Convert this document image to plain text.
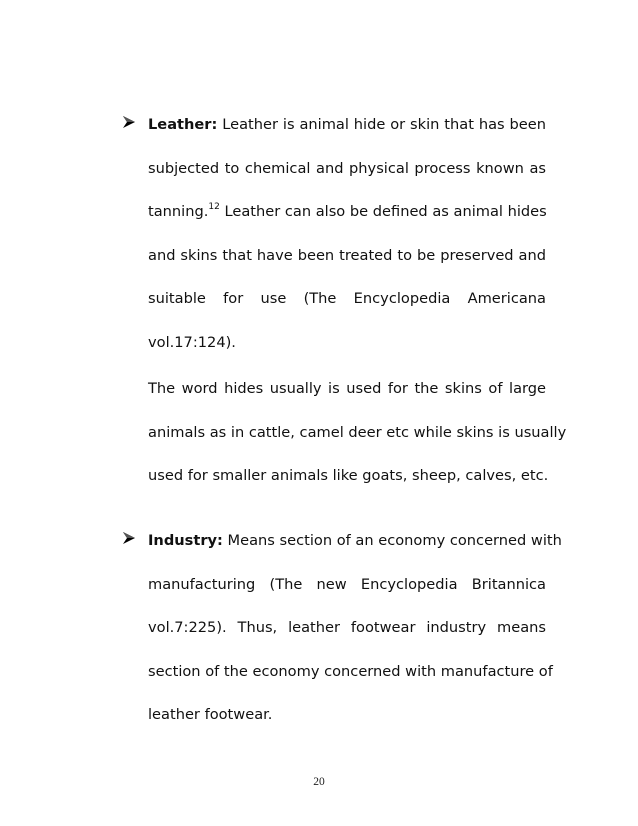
Leather: Leather is animal hide or skin that has been
subjected to chemical and physical process known as
tanning.$^{12}$ Leather can also be defined as animal hides
and skins that have been treated to be preserved and
suitable for use (The Encyclopedia Americana
vol.17:124).
The word hides usually is used for the skins of large
animals as in cattle, camel deer etc while skins is usually
used for smaller animals like goats, sheep, calves, etc.
Industry: Means section of an economy concerned with
manufacturing (The new Encyclopedia Britannica
vol.7:225). Thus, leather footwear industry means
section of the economy concerned with manufacture of
leather footwear.
20
